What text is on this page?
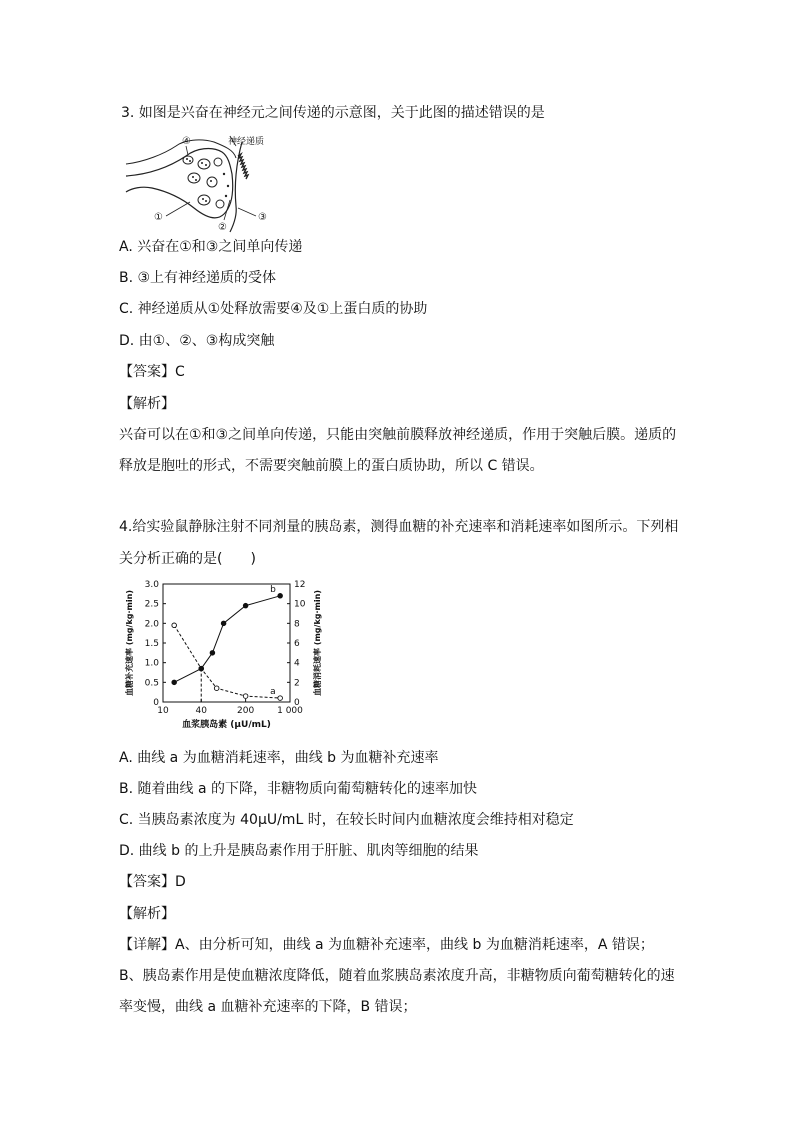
3. 如图是兴奋在神经元之间传递的示意图，关于此图的描述错误的是
神经递质
④
①
②
③
A. 兴奋在①和③之间单向传递
B. ③上有神经递质的受体
C. 神经递质从①处释放需要④及①上蛋白质的协助
D. 由①、②、③构成突触
【答案】C
【解析】
兴奋可以在①和③之间单向传递，只能由突触前膜释放神经递质，作用于突触后膜。递质的
释放是胞吐的形式，不需要突触前膜上的蛋白质协助，所以 C 错误。
4.给实验鼠静脉注射不同剂量的胰岛素，测得血糖的补充速率和消耗速率如图所示。下列相
关分析正确的是(　　)
0
0.5
1.0
1.5
2.0
2.5
3.0
0
2
4
6
8
10
12
10	40	200	1 000
血浆胰岛素 (μU/mL)
血糖补充速率 (mg/kg·min)	血糖消耗速率 (mg/kg·min)
a
b
A. 曲线 a 为血糖消耗速率，曲线 b 为血糖补充速率
B. 随着曲线 a 的下降，非糖物质向葡萄糖转化的速率加快
C. 当胰岛素浓度为 40μU/mL 时，在较长时间内血糖浓度会维持相对稳定
D. 曲线 b 的上升是胰岛素作用于肝脏、肌肉等细胞的结果
【答案】D
【解析】
【详解】A、由分析可知，曲线 a 为血糖补充速率，曲线 b 为血糖消耗速率，A 错误；
B、胰岛素作用是使血糖浓度降低，随着血浆胰岛素浓度升高，非糖物质向葡萄糖转化的速
率变慢，曲线 a 血糖补充速率的下降，B 错误；
